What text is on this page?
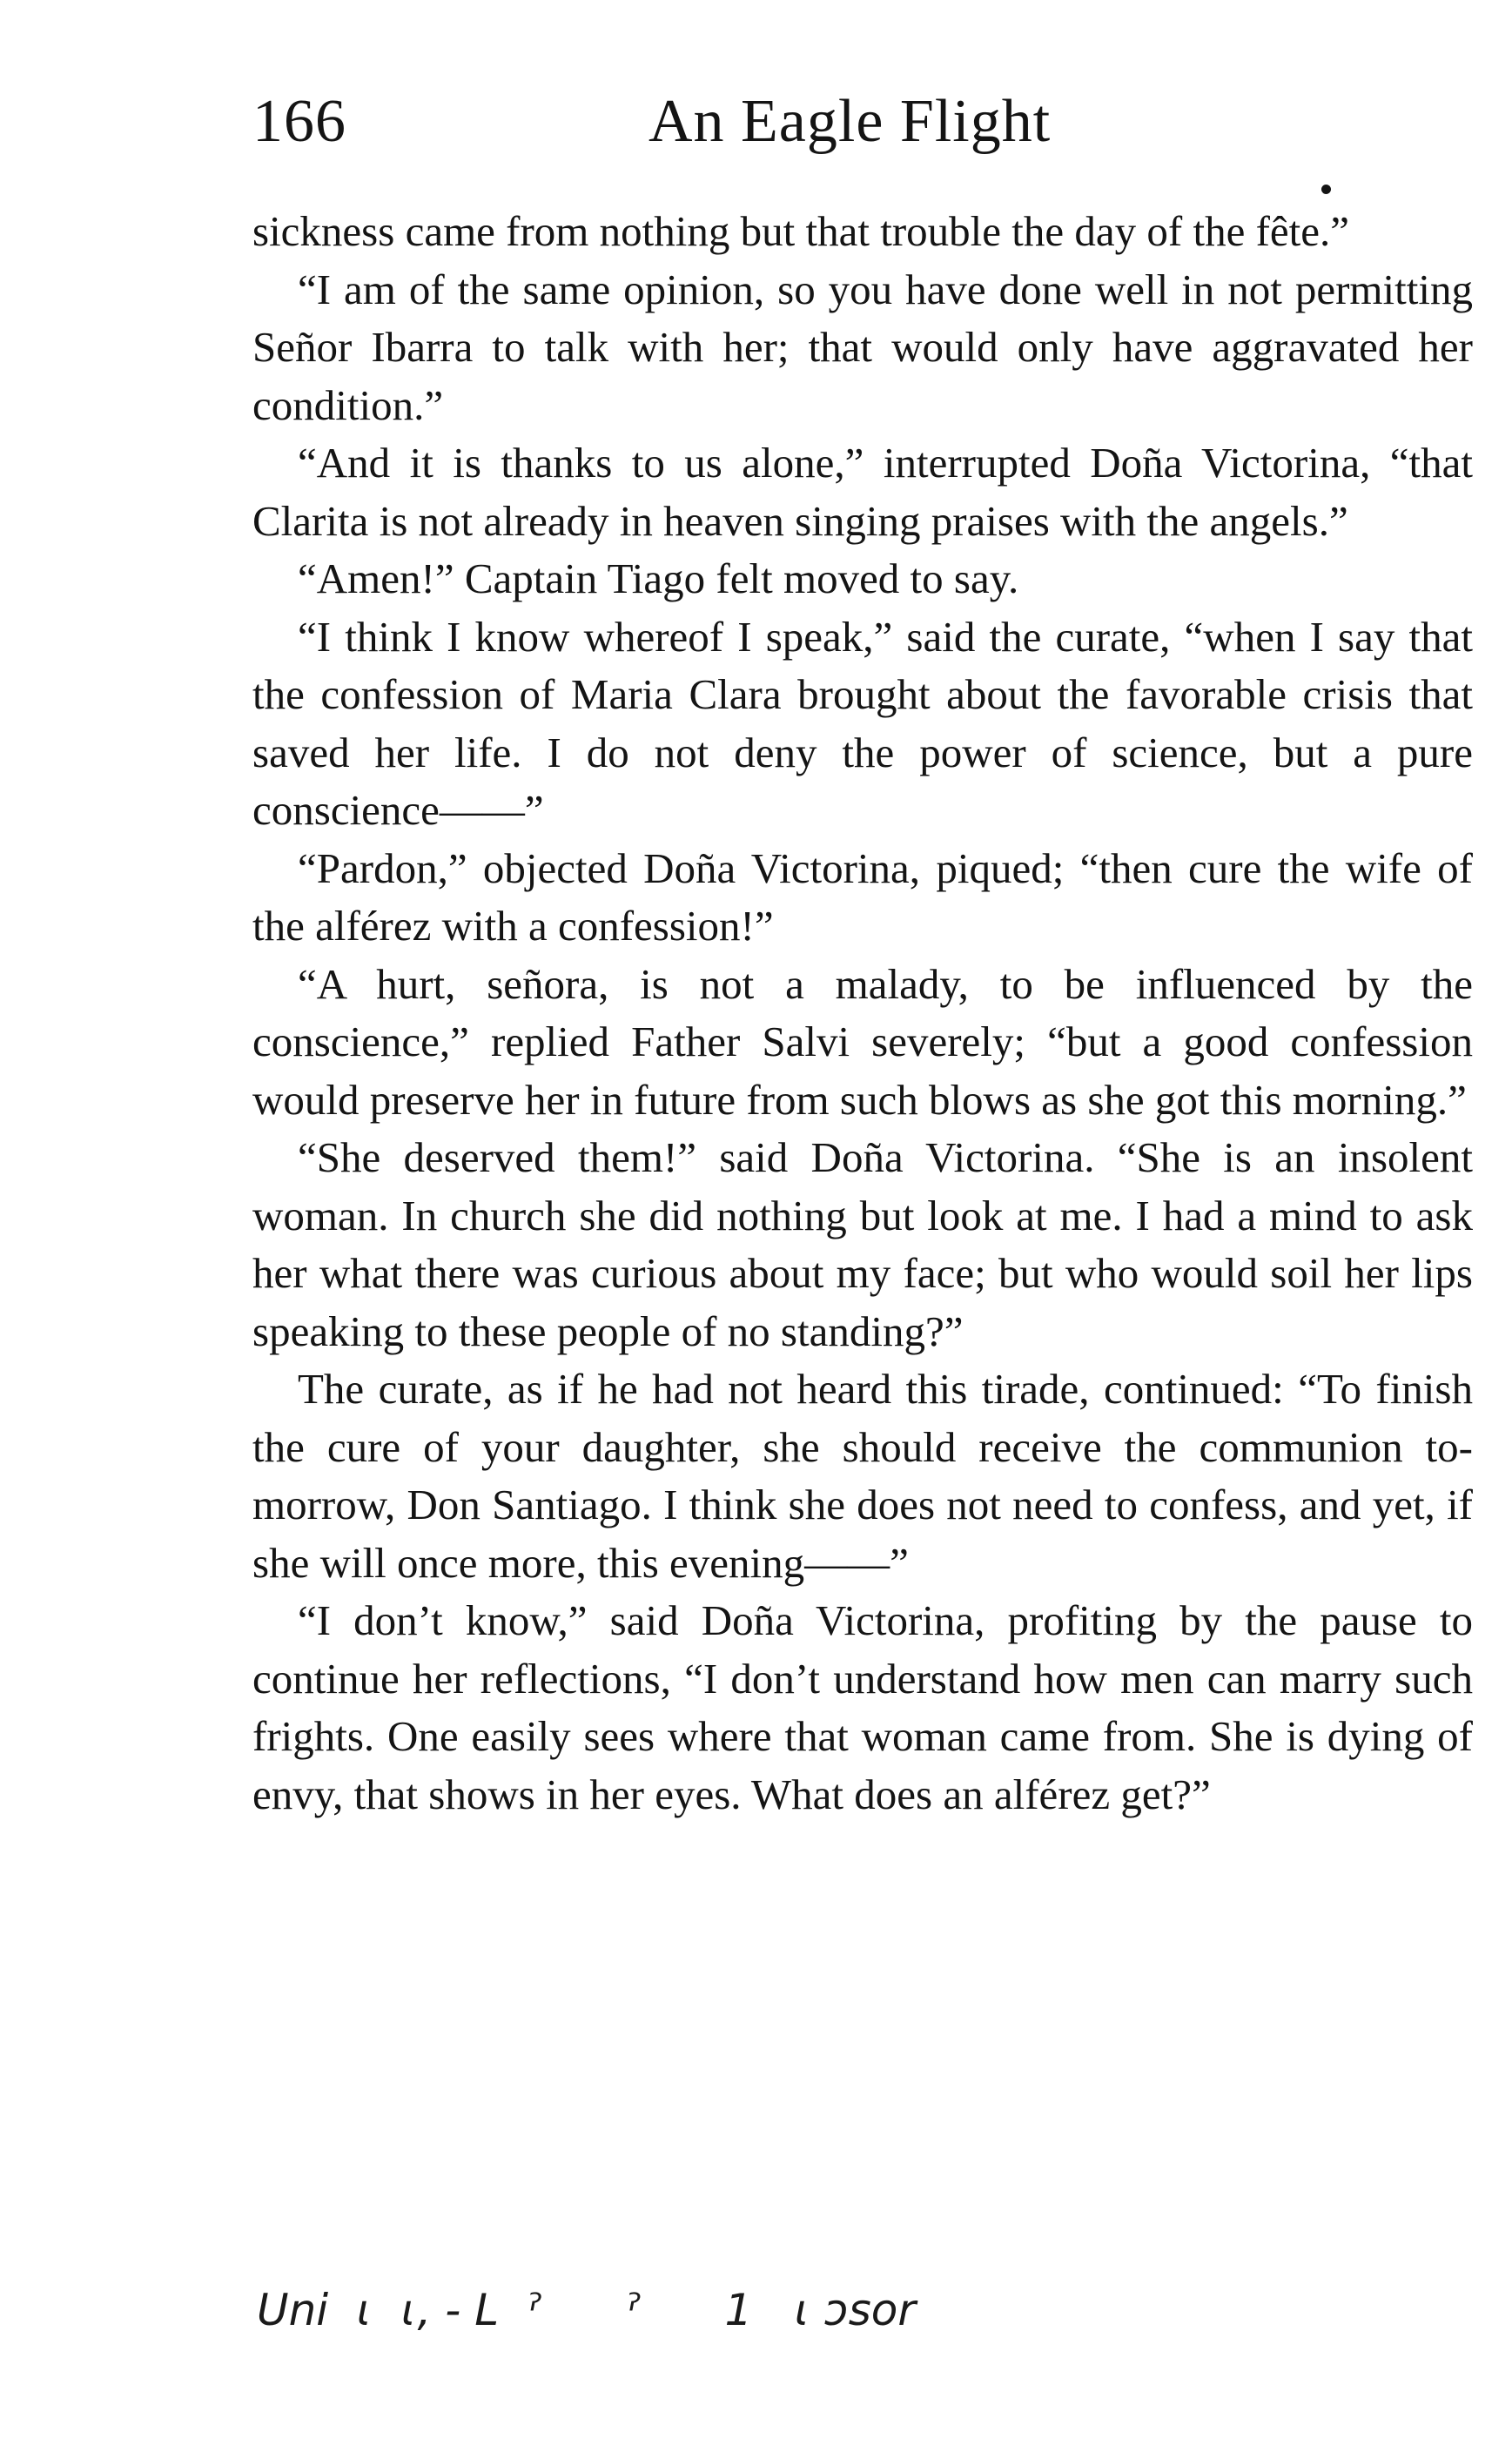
166	An Eagle Flight

sickness came from nothing but that trouble the day of the fête.”

“I am of the same opinion, so you have done well in not permitting Señor Ibarra to talk with her; that would only have aggravated her condition.”

“And it is thanks to us alone,” interrupted Doña Victorina, “that Clarita is not already in heaven singing praises with the angels.”

“Amen!” Captain Tiago felt moved to say.

“I think I know whereof I speak,” said the curate, “when I say that the confession of Maria Clara brought about the favorable crisis that saved her life. I do not deny the power of science, but a pure conscience——”

“Pardon,” objected Doña Victorina, piqued; “then cure the wife of the alférez with a confession!”

“A hurt, señora, is not a malady, to be influenced by the conscience,” replied Father Salvi severely; “but a good confession would preserve her in future from such blows as she got this morning.”

“She deserved them!” said Doña Victorina. “She is an insolent woman. In church she did nothing but look at me. I had a mind to ask her what there was curious about my face; but who would soil her lips speaking to these people of no standing?”

The curate, as if he had not heard this tirade, continued: “To finish the cure of your daughter, she should receive the communion to-morrow, Don Santiago. I think she does not need to confess, and yet, if she will once more, this evening——”

“I don’t know,” said Doña Victorina, profiting by the pause to continue her reflections, “I don’t understand how men can marry such frights. One easily sees where that woman came from. She is dying of envy, that shows in her eyes. What does an alférez get?”

Uni  ɩ  ɩ, - L  ˀ      ˀ      1   ɩ ɔsor
